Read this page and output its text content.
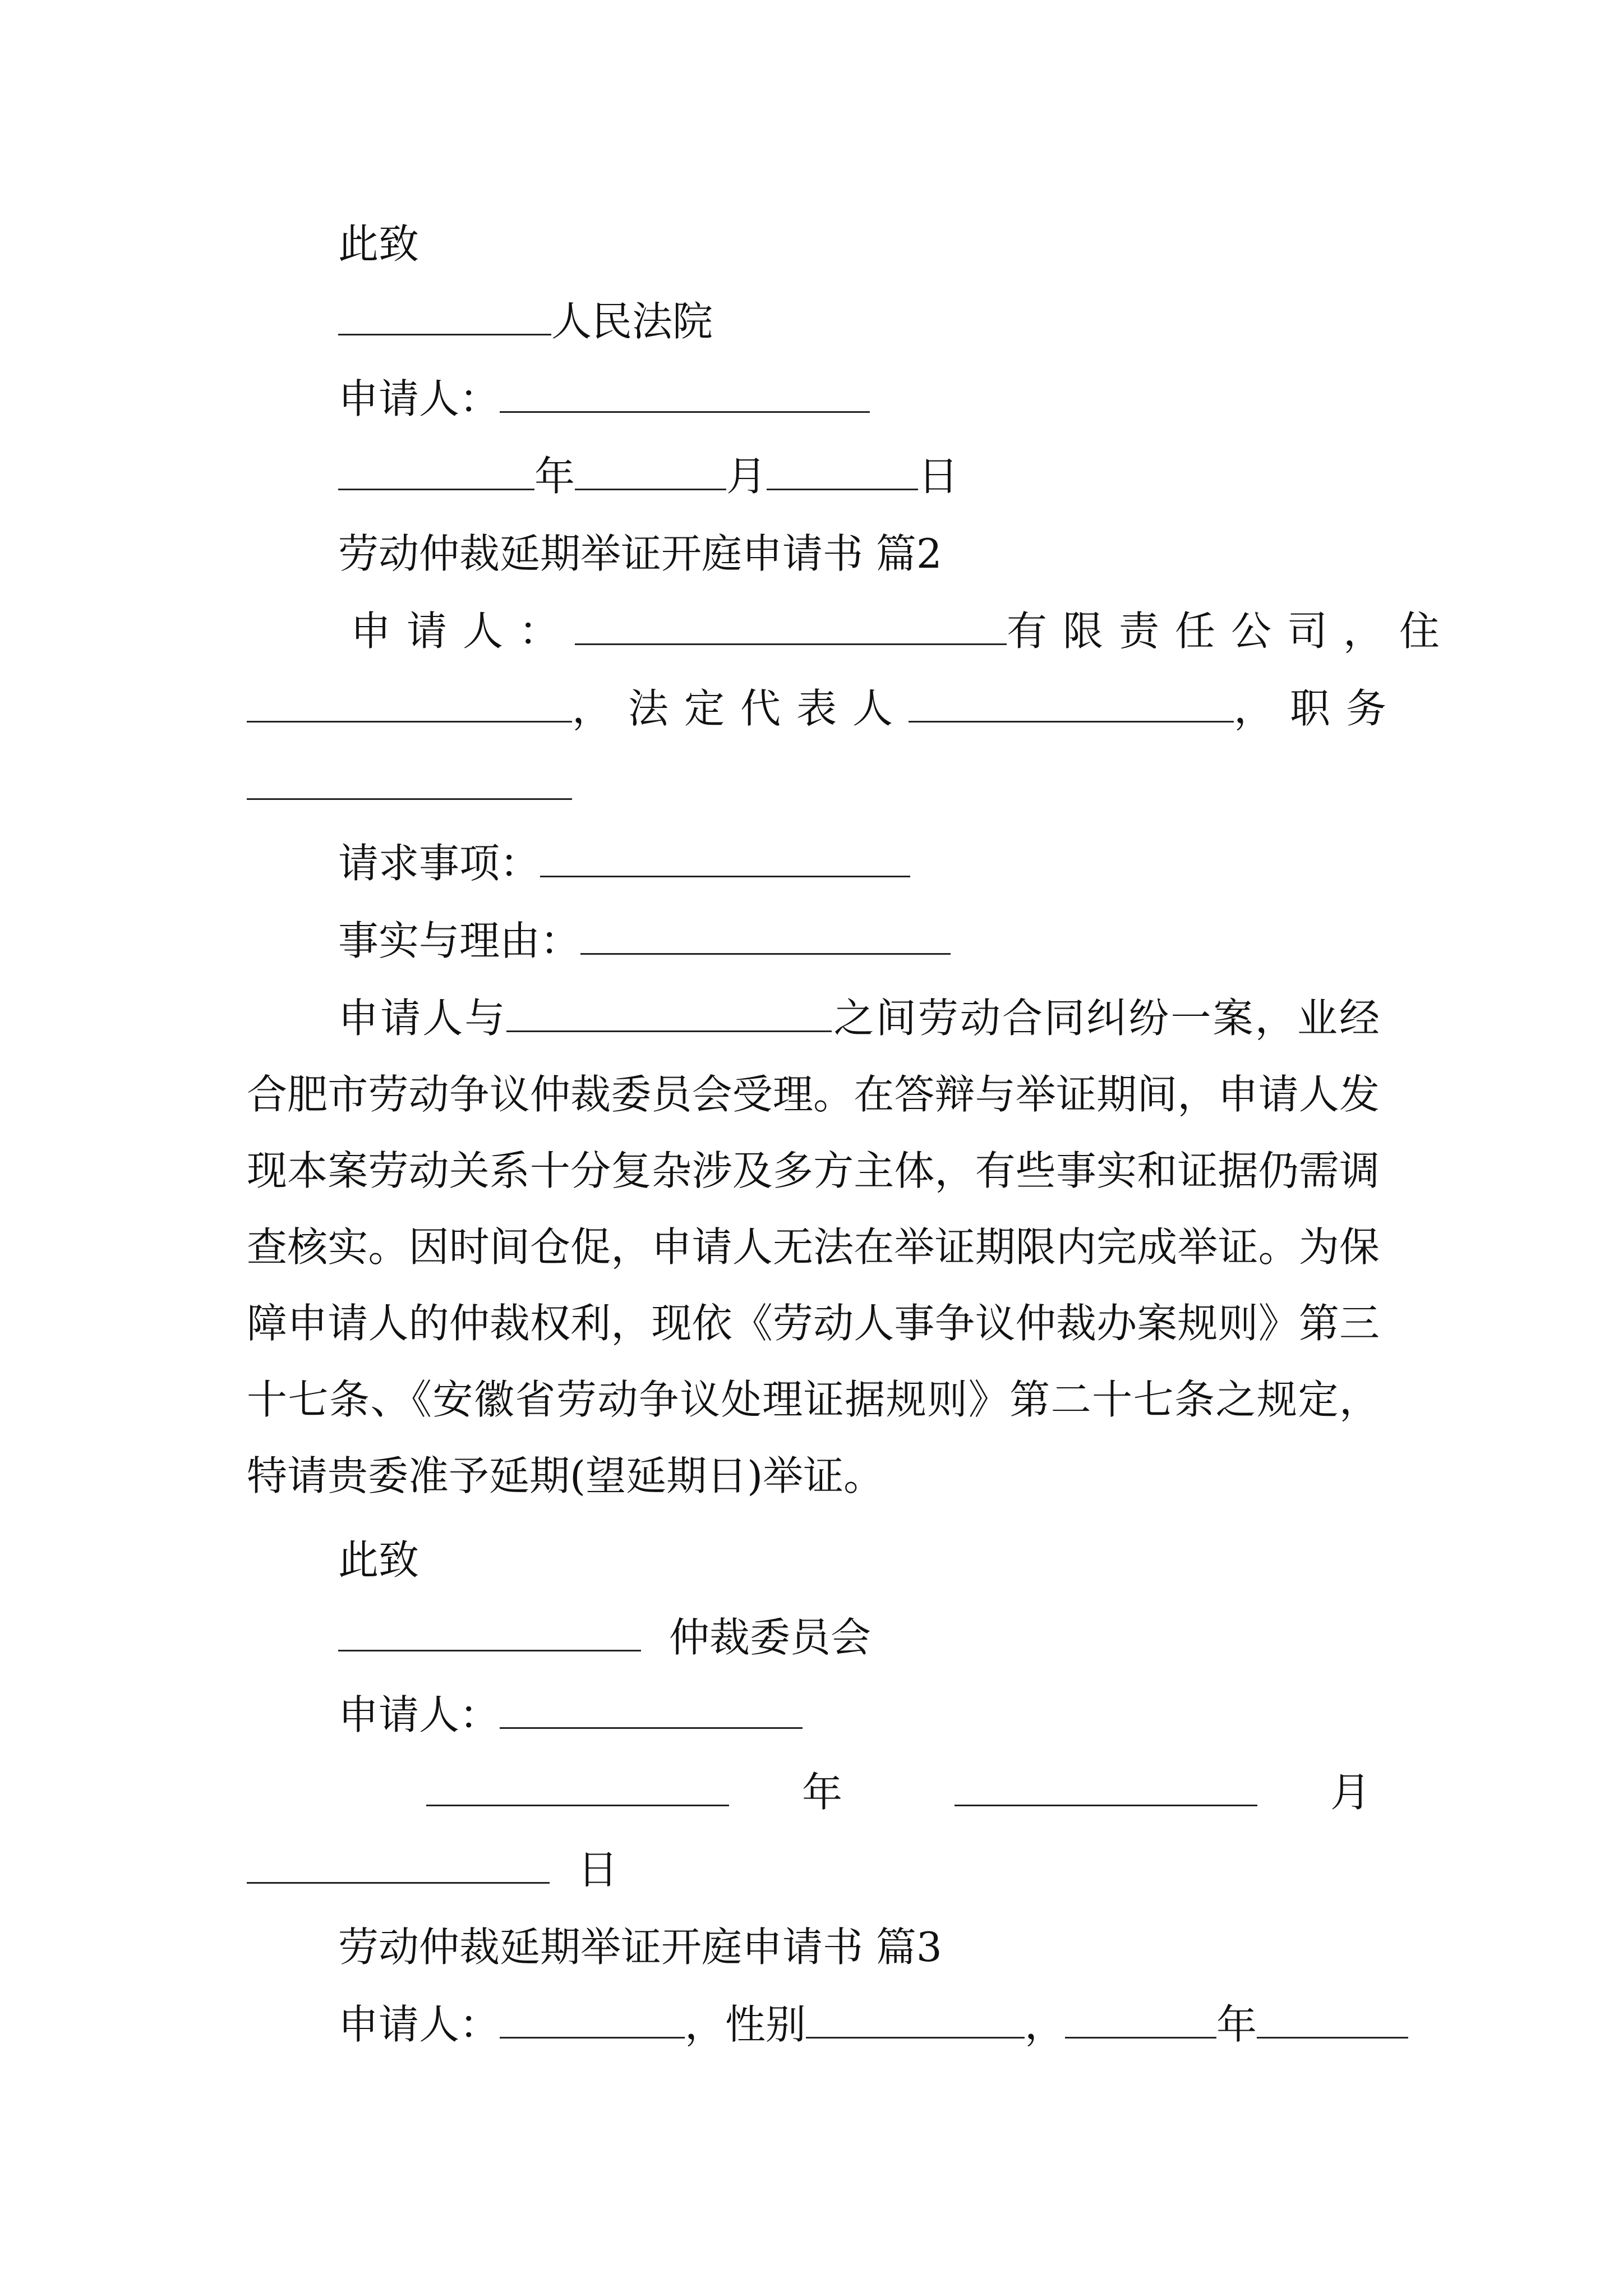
此致
人民法院
申请人：
年	月	日
劳动仲裁延期举证开庭申请书 篇2
申请人：	有限责任公司，住
，法定代表人	，职务
请求事项：
事实与理由：
申请人与	之间劳动合同纠纷一案，业经合肥市劳动争议仲裁委员会受理。在答辩与举证期间，申请人发现本案劳动关系十分复杂涉及多方主体，有些事实和证据仍需调查核实。因时间仓促，申请人无法在举证期限内完成举证。为保障申请人的仲裁权利，现依《劳动人事争议仲裁办案规则》第三十七条、《安徽省劳动争议处理证据规则》第二十七条之规定，特请贵委准予延期(望延期日)举证。
此致
仲裁委员会
申请人：
年	月
日
劳动仲裁延期举证开庭申请书 篇3
申请人：	，性别	，	年
